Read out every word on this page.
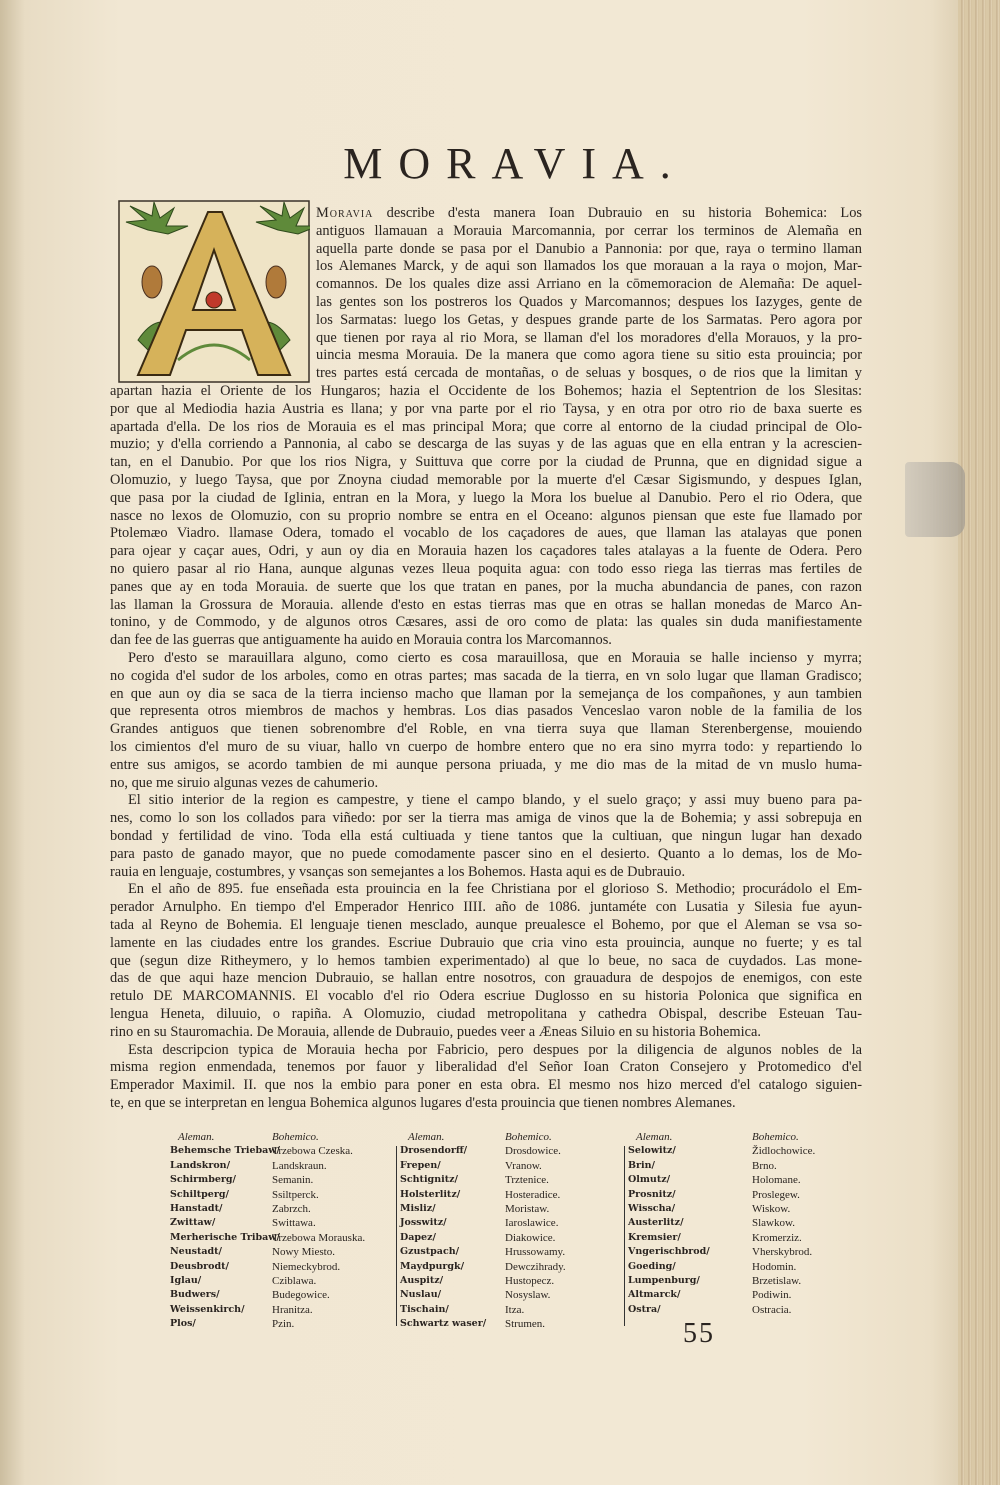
MORAVIA.
Moravia describe d'esta manera Ioan Dubrauio en su historia Bohemica: Los
antiguos llamauan a Morauia Marcomannia, por cerrar los terminos de Alemaña en
aquella parte donde se pasa por el Danubio a Pannonia: por que, raya o termino llaman
los Alemanes Marck, y de aqui son llamados los que morauan a la raya o mojon, Mar-
comannos. De los quales dize assi Arriano en la cōmemoracion de Alemaña: De aquel-
las gentes son los postreros los Quados y Marcomannos; despues los Iazyges, gente de
los Sarmatas: luego los Getas, y despues grande parte de los Sarmatas. Pero agora por
que tienen por raya al rio Mora, se llaman d'el los moradores d'ella Morauos, y la pro-
uincia mesma Morauia. De la manera que como agora tiene su sitio esta prouincia; por
tres partes está cercada de montañas, o de seluas y bosques, o de rios que la limitan y
apartan hazia el Oriente de los Hungaros; hazia el Occidente de los Bohemos; hazia el Septentrion de los Slesitas:
por que al Mediodia hazia Austria es llana; y por vna parte por el rio Taysa, y en otra por otro rio de baxa suerte es
apartada d'ella. De los rios de Morauia es el mas principal Mora; que corre al entorno de la ciudad principal de Olo-
muzio; y d'ella corriendo a Pannonia, al cabo se descarga de las suyas y de las aguas que en ella entran y la acrescien-
tan, en el Danubio. Por que los rios Nigra, y Suittuva que corre por la ciudad de Prunna, que en dignidad sigue a
Olomuzio, y luego Taysa, que por Znoyna ciudad memorable por la muerte d'el Cæsar Sigismundo, y despues Iglan,
que pasa por la ciudad de Iglinia, entran en la Mora, y luego la Mora los buelue al Danubio. Pero el rio Odera, que
nasce no lexos de Olomuzio, con su proprio nombre se entra en el Oceano: algunos piensan que este fue llamado por
Ptolemæo Viadro. llamase Odera, tomado el vocablo de los caçadores de aues, que llaman las atalayas que ponen
para ojear y caçar aues, Odri, y aun oy dia en Morauia hazen los caçadores tales atalayas a la fuente de Odera. Pero
no quiero pasar al rio Hana, aunque algunas vezes lleua poquita agua: con todo esso riega las tierras mas fertiles de
panes que ay en toda Morauia. de suerte que los que tratan en panes, por la mucha abundancia de panes, con razon
las llaman la Grossura de Morauia. allende d'esto en estas tierras mas que en otras se hallan monedas de Marco An-
tonino, y de Commodo, y de algunos otros Cæsares, assi de oro como de plata: las quales sin duda manifiestamente
dan fee de las guerras que antiguamente ha auido en Morauia contra los Marcomannos.
Pero d'esto se marauillara alguno, como cierto es cosa marauillosa, que en Morauia se halle incienso y myrra;
no cogida d'el sudor de los arboles, como en otras partes; mas sacada de la tierra, en vn solo lugar que llaman Gradisco;
en que aun oy dia se saca de la tierra incienso macho que llaman por la semejança de los compañones, y aun tambien
que representa otros miembros de machos y hembras. Los dias pasados Venceslao varon noble de la familia de los
Grandes antiguos que tienen sobrenombre d'el Roble, en vna tierra suya que llaman Sterenbergense, mouiendo
los cimientos d'el muro de su viuar, hallo vn cuerpo de hombre entero que no era sino myrra todo: y repartiendo lo
entre sus amigos, se acordo tambien de mi aunque persona priuada, y me dio mas de la mitad de vn muslo huma-
no, que me siruio algunas vezes de cahumerio.
El sitio interior de la region es campestre, y tiene el campo blando, y el suelo graço; y assi muy bueno para pa-
nes, como lo son los collados para viñedo: por ser la tierra mas amiga de vinos que la de Bohemia; y assi sobrepuja en
bondad y fertilidad de vino. Toda ella está cultiuada y tiene tantos que la cultiuan, que ningun lugar han dexado
para pasto de ganado mayor, que no puede comodamente pascer sino en el desierto. Quanto a lo demas, los de Mo-
rauia en lenguaje, costumbres, y vsanças son semejantes a los Bohemos. Hasta aqui es de Dubrauio.
En el año de 895. fue enseñada esta prouincia en la fee Christiana por el glorioso S. Methodio; procurádolo el Em-
perador Arnulpho. En tiempo d'el Emperador Henrico IIII. año de 1086. juntaméte con Lusatia y Silesia fue ayun-
tada al Reyno de Bohemia. El lenguaje tienen mesclado, aunque preualesce el Bohemo, por que el Aleman se vsa so-
lamente en las ciudades entre los grandes. Escriue Dubrauio que cria vino esta prouincia, aunque no fuerte; y es tal
que (segun dize Ritheymero, y lo hemos tambien experimentado) al que lo beue, no saca de cuydados. Las mone-
das de que aqui haze mencion Dubrauio, se hallan entre nosotros, con grauadura de despojos de enemigos, con este
retulo DE MARCOMANNIS. El vocablo d'el rio Odera escriue Duglosso en su historia Polonica que significa en
lengua Heneta, diluuio, o rapiña. A Olomuzio, ciudad metropolitana y cathedra Obispal, describe Esteuan Tau-
rino en su Stauromachia. De Morauia, allende de Dubrauio, puedes veer a Æneas Siluio en su historia Bohemica.
Esta descripcion typica de Morauia hecha por Fabricio, pero despues por la diligencia de algunos nobles de la
misma region enmendada, tenemos por fauor y liberalidad d'el Señor Ioan Craton Consejero y Protomedico d'el
Emperador Maximil. II. que nos la embio para poner en esta obra. El mesmo nos hizo merced d'el catalogo siguien-
te, en que se interpretan en lengua Bohemica algunos lugares d'esta prouincia que tienen nombres Alemanes.
Aleman.
Behemsche Triebaw/
Landskron/
Schirmberg/
Schiltperg/
Hanstadt/
Zwittaw/
Merherische Tribaw/
Neustadt/
Deusbrodt/
Iglau/
Budwers/
Weissenkirch/
Plos/
Bohemico.
Trzebowa Czeska.
Landskraun.
Semanin.
Ssiltperck.
Zabrzch.
Swittawa.
Trzebowa Morauska.
Nowy Miesto.
Niemeckybrod.
Cziblawa.
Budegowice.
Hranitza.
Pzin.
Aleman.
Drosendorff/
Frepen/
Schtignitz/
Holsterlitz/
Misliz/
Josswitz/
Dapez/
Gzustpach/
Maydpurgk/
Auspitz/
Nuslau/
Tischain/
Schwartz waser/
Bohemico.
Drosdowice.
Vranow.
Trztenice.
Hosteradice.
Moristaw.
Iaroslawice.
Diakowice.
Hrussowamy.
Dewczihrady.
Hustopecz.
Nosyslaw.
Itza.
Strumen.
Aleman.
Selowitz/
Brin/
Olmutz/
Prosnitz/
Wisscha/
Austerlitz/
Kremsier/
Vngerischbrod/
Goeding/
Lumpenburg/
Altmarck/
Ostra/
Bohemico.
Židlochowice.
Brno.
Holomane.
Proslegew.
Wiskow.
Slawkow.
Kromerziz.
Vherskybrod.
Hodomin.
Brzetislaw.
Podiwin.
Ostracia.
55
